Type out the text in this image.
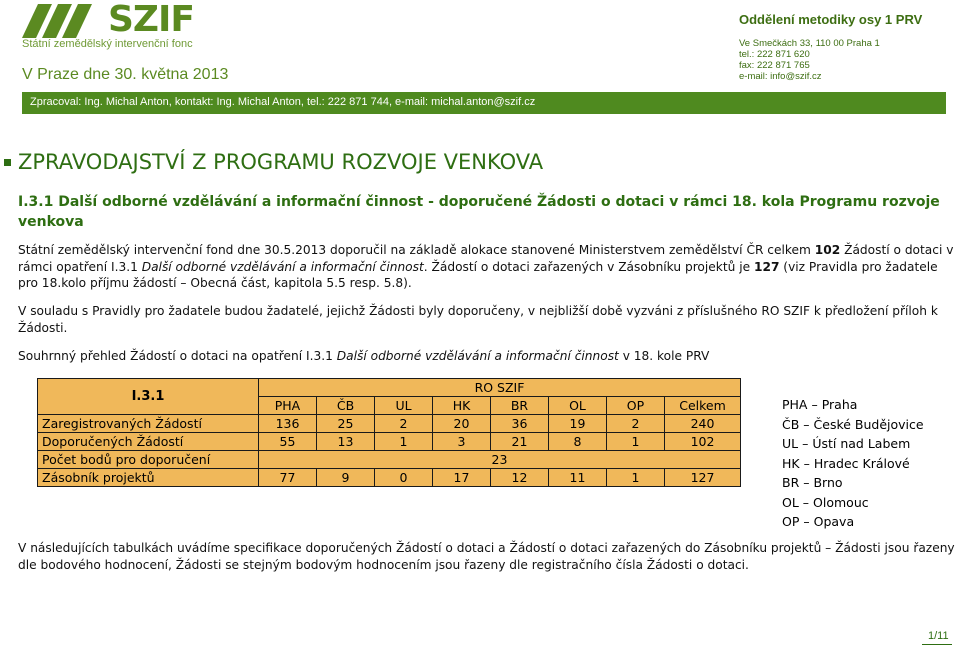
SZIF
Státní zemědělský intervenční fonc
V Praze dne 30. května 2013
Oddělení metodiky osy 1 PRV
Ve Smečkách 33, 110 00 Praha 1
tel.: 222 871 620
fax: 222 871 765
e-mail: info@szif.cz
Zpracoval: Ing. Michal Anton, kontakt: Ing. Michal Anton, tel.: 222 871 744, e-mail: michal.anton@szif.cz
ZPRAVODAJSTVÍ Z PROGRAMU ROZVOJE VENKOVA
I.3.1 Další odborné vzdělávání a informační činnost - doporučené Žádosti o dotaci v rámci 18. kola Programu rozvoje venkova
Státní zemědělský intervenční fond dne 30.5.2013 doporučil na základě alokace stanovené Ministerstvem zemědělství ČR celkem 102 Žádostí o dotaci v rámci opatření I.3.1 Další odborné vzdělávání a informační činnost. Žádostí o dotaci zařazených v Zásobníku projektů je 127 (viz Pravidla pro žadatele pro 18.kolo příjmu žádostí – Obecná část, kapitola 5.5 resp. 5.8).
V souladu s Pravidly pro žadatele budou žadatelé, jejichž Žádosti byly doporučeny, v nejbližší době vyzváni z příslušného RO SZIF k předložení příloh k Žádosti.
Souhrnný přehled Žádostí o dotaci na opatření I.3.1 Další odborné vzdělávání a informační činnost v 18. kole PRV
I.3.1	RO SZIF							
	PHA	ČB	UL	HK	BR	OL	OP	Celkem
Zaregistrovaných Žádostí	136	25	2	20	36	19	2	240
Doporučených Žádostí	55	13	1	3	21	8	1	102
Počet bodů pro doporučení	23							
Zásobník projektů	77	9	0	17	12	11	1	127
PHA – Praha
ČB – České Budějovice
UL – Ústí nad Labem
HK – Hradec Králové
BR – Brno
OL – Olomouc
OP – Opava
V následujících tabulkách uvádíme specifikace doporučených Žádostí o dotaci a Žádostí o dotaci zařazených do Zásobníku projektů – Žádosti jsou řazeny dle bodového hodnocení, Žádosti se stejným bodovým hodnocením jsou řazeny dle registračního čísla Žádosti o dotaci.
1/11
